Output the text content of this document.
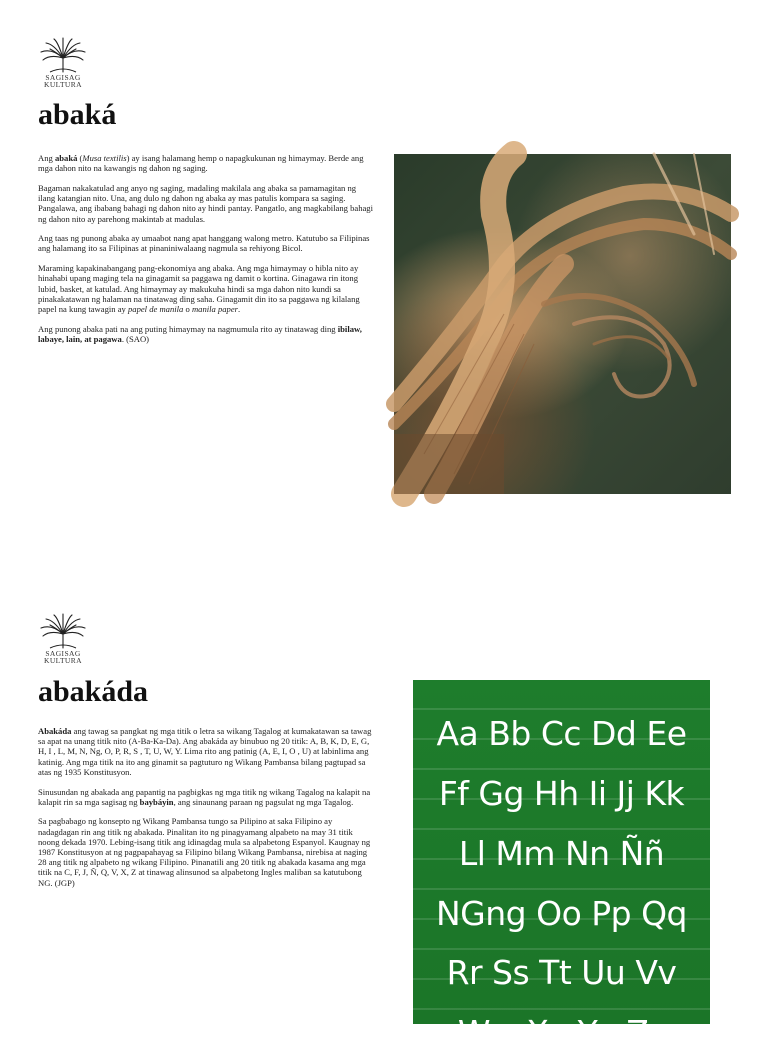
SAGISAG
KULTURA
abaká

Ang abaká (Musa textilis) ay isang halamang hemp o napagkukunan ng himaymay. Berde ang mga dahon nito na kawangis ng dahon ng saging.

Bagaman nakakatulad ang anyo ng saging, madaling makilala ang abaka sa pamamagitan ng ilang katangian nito. Una, ang dulo ng dahon ng abaka ay mas patulis kompara sa saging. Pangalawa, ang ibabang bahagi ng dahon nito ay hindi pantay. Pangatlo, ang magkabilang bahagi ng dahon nito ay parehong makintab at madulas.

Ang taas ng punong abaka ay umaabot nang apat hanggang walong metro. Katutubo sa Filipinas ang halamang ito sa Filipinas at pinaniniwalaang nagmula sa rehiyong Bicol.

Maraming kapakinabangang pang-ekonomiya ang abaka. Ang mga himaymay o hibla nito ay hinahabi upang maging tela na ginagamit sa paggawa ng damit o kortina. Ginagawa rin itong lubid, basket, at katulad. Ang himaymay ay makukuha hindi sa mga dahon nito kundi sa pinakakatawan ng halaman na tinatawag ding saha. Ginagamit din ito sa paggawa ng kilalang papel na kung tawagin ay papel de manila o manila paper.

Ang punong abaka pati na ang puting himaymay na nagmumula rito ay tinatawag ding ibilaw, labaye, lain, at pagawa. (SAO)

SAGISAG
KULTURA
abakáda

Abakáda ang tawag sa pangkat ng mga titik o letra sa wikang Tagalog at kumakatawan sa tawag sa apat na unang titik nito (A-Ba-Ka-Da). Ang abakáda ay binubuo ng 20 titik: A, B, K, D, E, G, H, I , L, M, N, Ng, O, P, R, S , T, U, W, Y. Lima rito ang patinig (A, E, I, O , U) at labinlima ang katinig. Ang mga titik na ito ang ginamit sa pagtuturo ng Wikang Pambansa bilang pagtupad sa atas ng 1935 Konstitusyon.

Sinusundan ng abakada ang papantig na pagbigkas ng mga titik ng wikang Tagalog na kalapit na kalapit rin sa mga sagisag ng baybáyin, ang sinaunang paraan ng pagsulat ng mga Tagalog.

Sa pagbabago ng konsepto ng Wikang Pambansa tungo sa Pilipino at saka Filipino ay nadagdagan rin ang titik ng abakada. Pinalitan ito ng pinagyamang alpabeto na may 31 titik noong dekada 1970. Lebing-isang titik ang idinagdag mula sa alpabetong Espanyol. Kaugnay ng 1987 Konstitusyon at ng pagpapahayag sa Filipino bilang Wikang Pambansa, nirebisa at naging 28 ang titik ng alpabeto ng wikang Filipino. Pinanatili ang 20 titik ng abakada kasama ang mga titik na C, F, J, Ñ, Q, V, X, Z at tinawag alinsunod sa alpabetong Ingles maliban sa katutubong NG. (JGP)

Aa Bb Cc Dd Ee
Ff Gg Hh Ii Jj Kk
Ll Mm Nn Ññ
NGng Oo Pp Qq
Rr Ss Tt Uu Vv
Ww Xx Yy Zz
